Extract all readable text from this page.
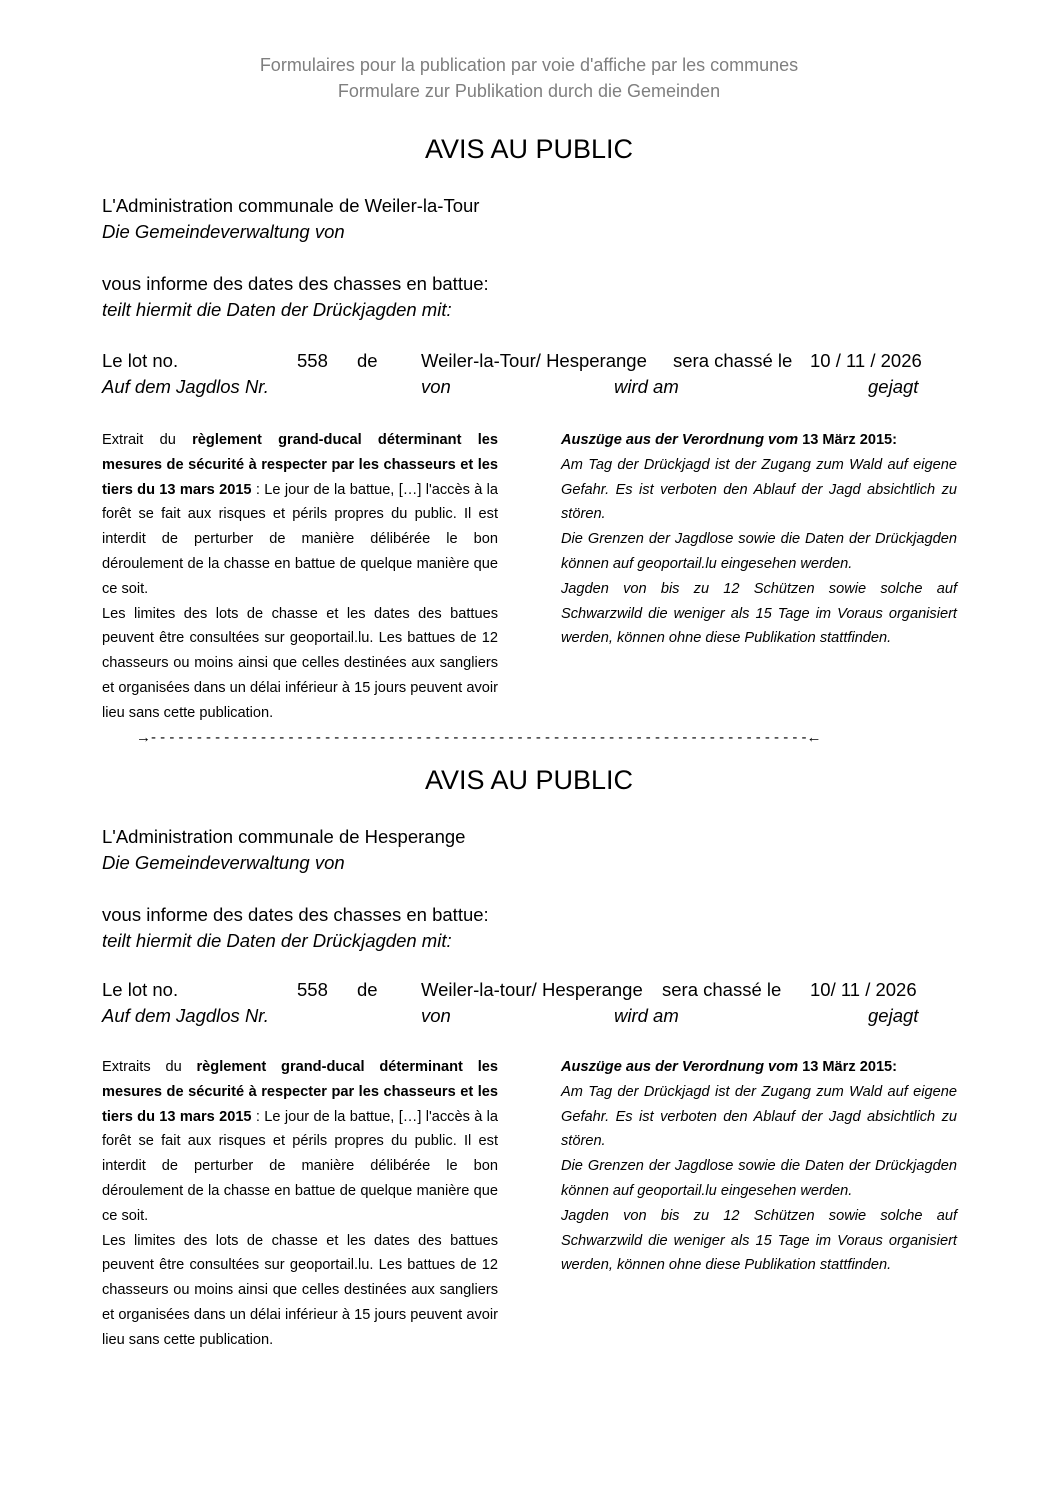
Formulaires pour la publication par voie d'affiche par les communes
Formulare zur Publikation durch die Gemeinden
AVIS AU PUBLIC
L'Administration communale de Weiler-la-Tour
Die Gemeindeverwaltung von
vous informe des dates des chasses en battue:
teilt hiermit die Daten der Drückjagden mit:
Le lot no.	558 de Weiler-la-Tour/ Hesperange sera chassé le 10 / 11 / 2026
Auf dem Jagdlos Nr.	von	wird am	gejagt

Extrait du règlement grand-ducal déterminant les mesures de sécurité à respecter par les chasseurs et les tiers du 13 mars 2015 : Le jour de la battue, […] l'accès à la forêt se fait aux risques et périls propres du public. Il est interdit de perturber de manière délibérée le bon déroulement de la chasse en battue de quelque manière que ce soit.

Les limites des lots de chasse et les dates des battues peuvent être consultées sur geoportail.lu. Les battues de 12 chasseurs ou moins ainsi que celles destinées aux sangliers et organisées dans un délai inférieur à 15 jours peuvent avoir lieu sans cette publication.

Auszüge aus der Verordnung vom 13 März 2015:

Am Tag der Drückjagd ist der Zugang zum Wald auf eigene Gefahr. Es ist verboten den Ablauf der Jagd absichtlich zu stören.

Die Grenzen der Jagdlose sowie die Daten der Drückjagden können auf geoportail.lu eingesehen werden.

Jagden von bis zu 12 Schützen sowie solche auf Schwarzwild die weniger als 15 Tage im Voraus organisiert werden, können ohne diese Publikation stattfinden.

→- - - - - - - - - - - - - - - - - - - - - - - - - - - - - - - - - - - - - - - - - - - - - - - - - - - - - - - - - - - - - - - - - - - - - - - -←
AVIS AU PUBLIC
L'Administration communale de Hesperange
Die Gemeindeverwaltung von
vous informe des dates des chasses en battue:
teilt hiermit die Daten der Drückjagden mit:
Le lot no.	558 de Weiler-la-tour/ Hesperange sera chassé le 10/ 11 / 2026
Auf dem Jagdlos Nr.	von	wird am	gejagt

Extraits du règlement grand-ducal déterminant les mesures de sécurité à respecter par les chasseurs et les tiers du 13 mars 2015 : Le jour de la battue, […] l'accès à la forêt se fait aux risques et périls propres du public. Il est interdit de perturber de manière délibérée le bon déroulement de la chasse en battue de quelque manière que ce soit.

Les limites des lots de chasse et les dates des battues peuvent être consultées sur geoportail.lu. Les battues de 12 chasseurs ou moins ainsi que celles destinées aux sangliers et organisées dans un délai inférieur à 15 jours peuvent avoir lieu sans cette publication.

Auszüge aus der Verordnung vom 13 März 2015:

Am Tag der Drückjagd ist der Zugang zum Wald auf eigene Gefahr. Es ist verboten den Ablauf der Jagd absichtlich zu stören.

Die Grenzen der Jagdlose sowie die Daten der Drückjagden können auf geoportail.lu eingesehen werden.

Jagden von bis zu 12 Schützen sowie solche auf Schwarzwild die weniger als 15 Tage im Voraus organisiert werden, können ohne diese Publikation stattfinden.
